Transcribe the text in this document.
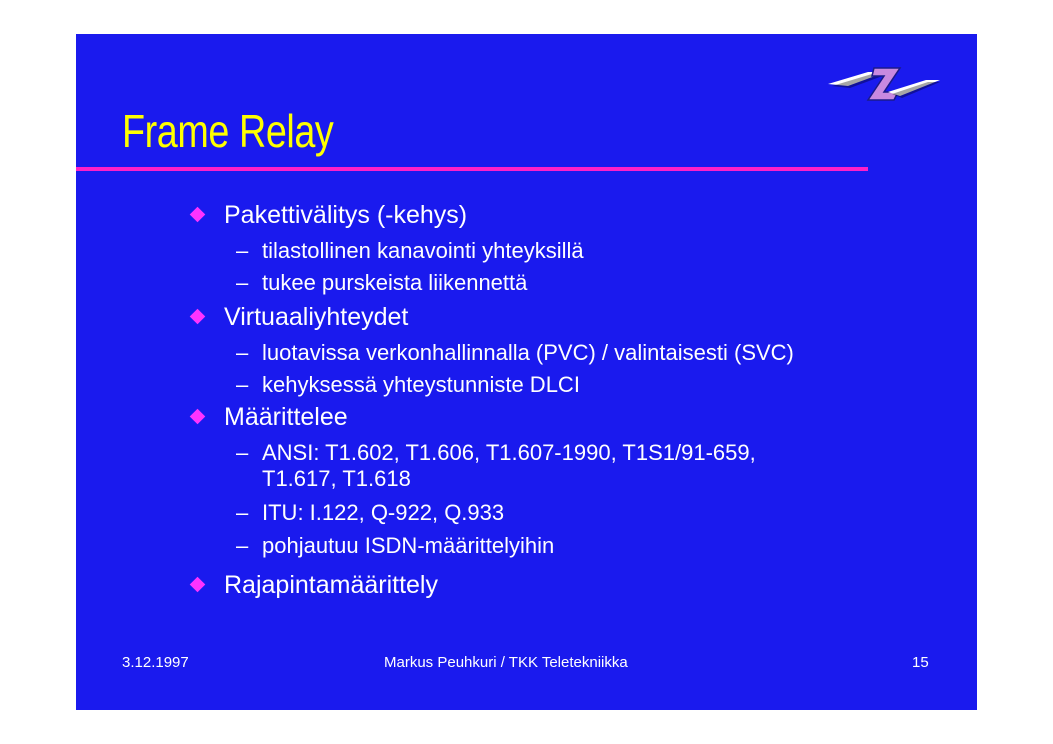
Frame Relay
Pakettivälitys (-kehys)
– tilastollinen kanavointi yhteyksillä
– tukee purskeista liikennettä
Virtuaaliyhteydet
– luotavissa verkonhallinnalla (PVC) / valintaisesti (SVC)
– kehyksessä yhteystunniste DLCI
Määrittelee
– ANSI: T1.602, T1.606, T1.607-1990, T1S1/91-659,
T1.617, T1.618
– ITU: I.122, Q-922, Q.933
– pohjautuu ISDN-määrittelyihin
Rajapintamäärittely
3.12.1997	Markus Peuhkuri / TKK Teletekniikka	15
